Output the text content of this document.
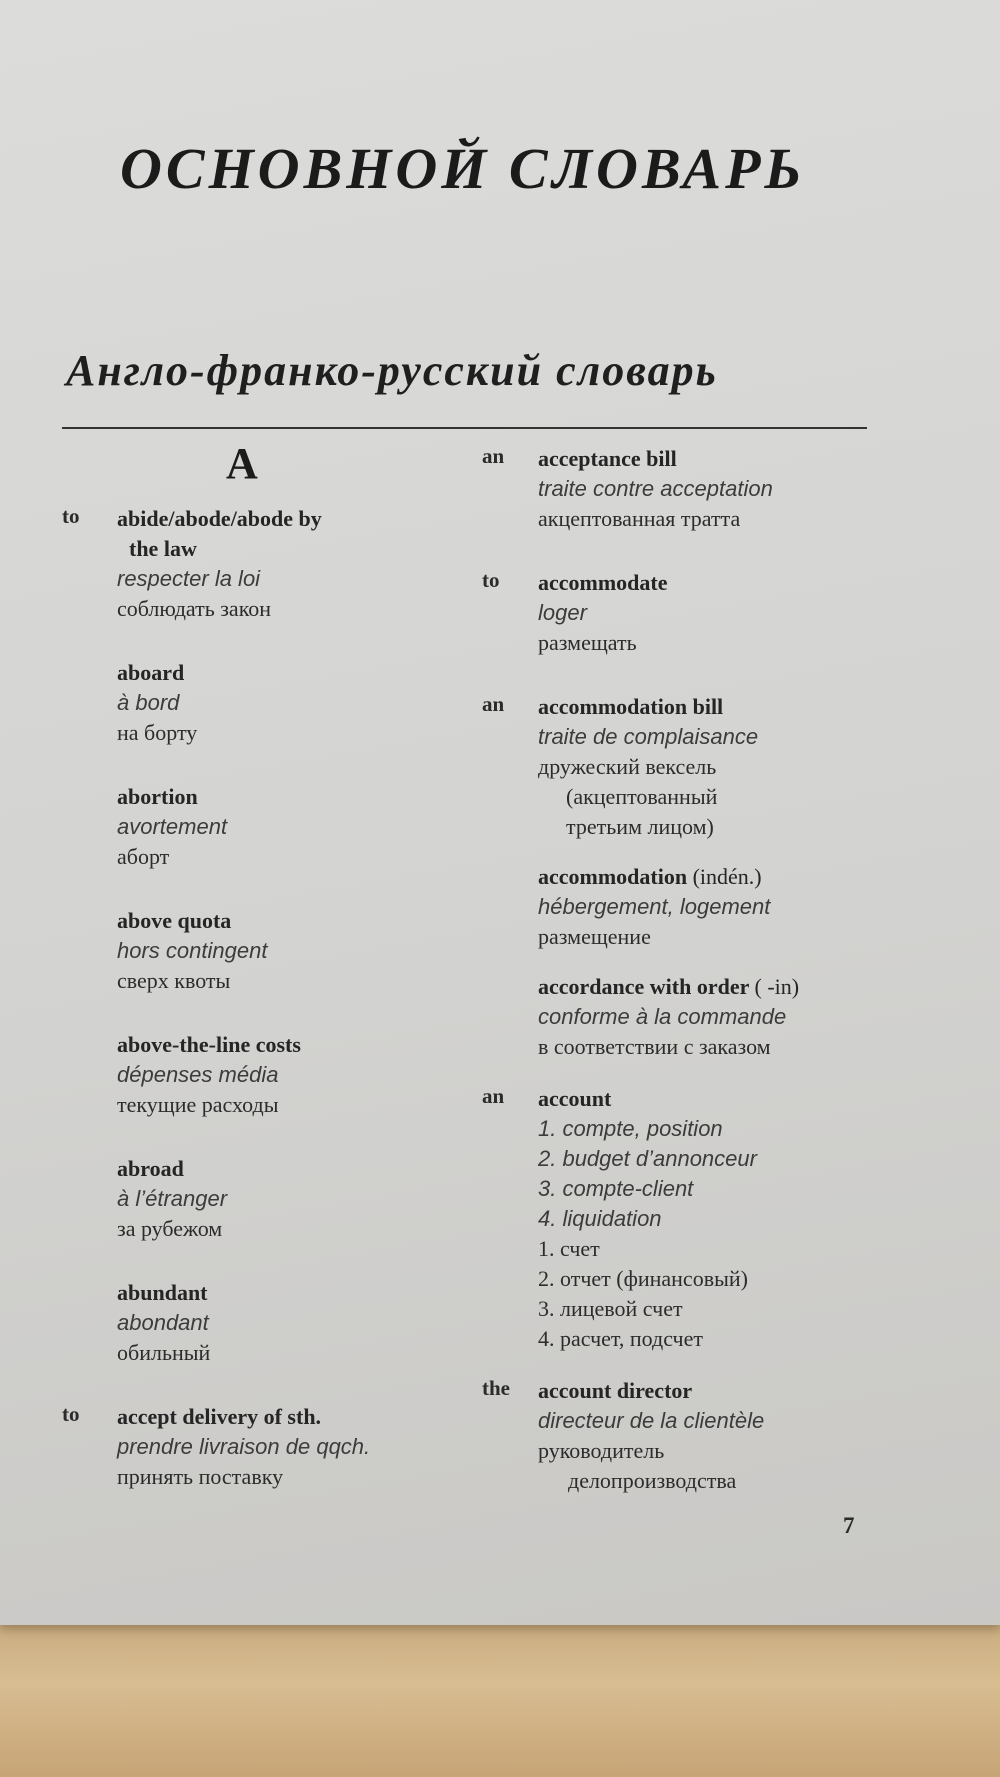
ОСНОВНОЙ СЛОВАРЬ
Англо-франко-русский словарь
А
to abide/abode/abode by
the law
respecter la loi
соблюдать закон
aboard
à bord
на борту
abortion
avortement
аборт
above quota
hors contingent
сверх квоты
above-the-line costs
dépenses média
текущие расходы
abroad
à l’étranger
за рубежом
abundant
abondant
обильный
to accept delivery of sth.
prendre livraison de qqch.
принять поставку
an acceptance bill
traite contre acceptation
акцептованная тратта
to accommodate
loger
размещать
an accommodation bill
traite de complaisance
дружеский вексель
(акцептованный
третьим лицом)
accommodation (indén.)
hébergement, logement
размещение
accordance with order ( -in)
conforme à la commande
в соответствии с заказом
an account
1. compte, position
2. budget d’annonceur
3. compte-client
4. liquidation
1. счет
2. отчет (финансовый)
3. лицевой счет
4. расчет, подсчет
the account director
directeur de la clientèle
руководитель
делопроизводства
7
